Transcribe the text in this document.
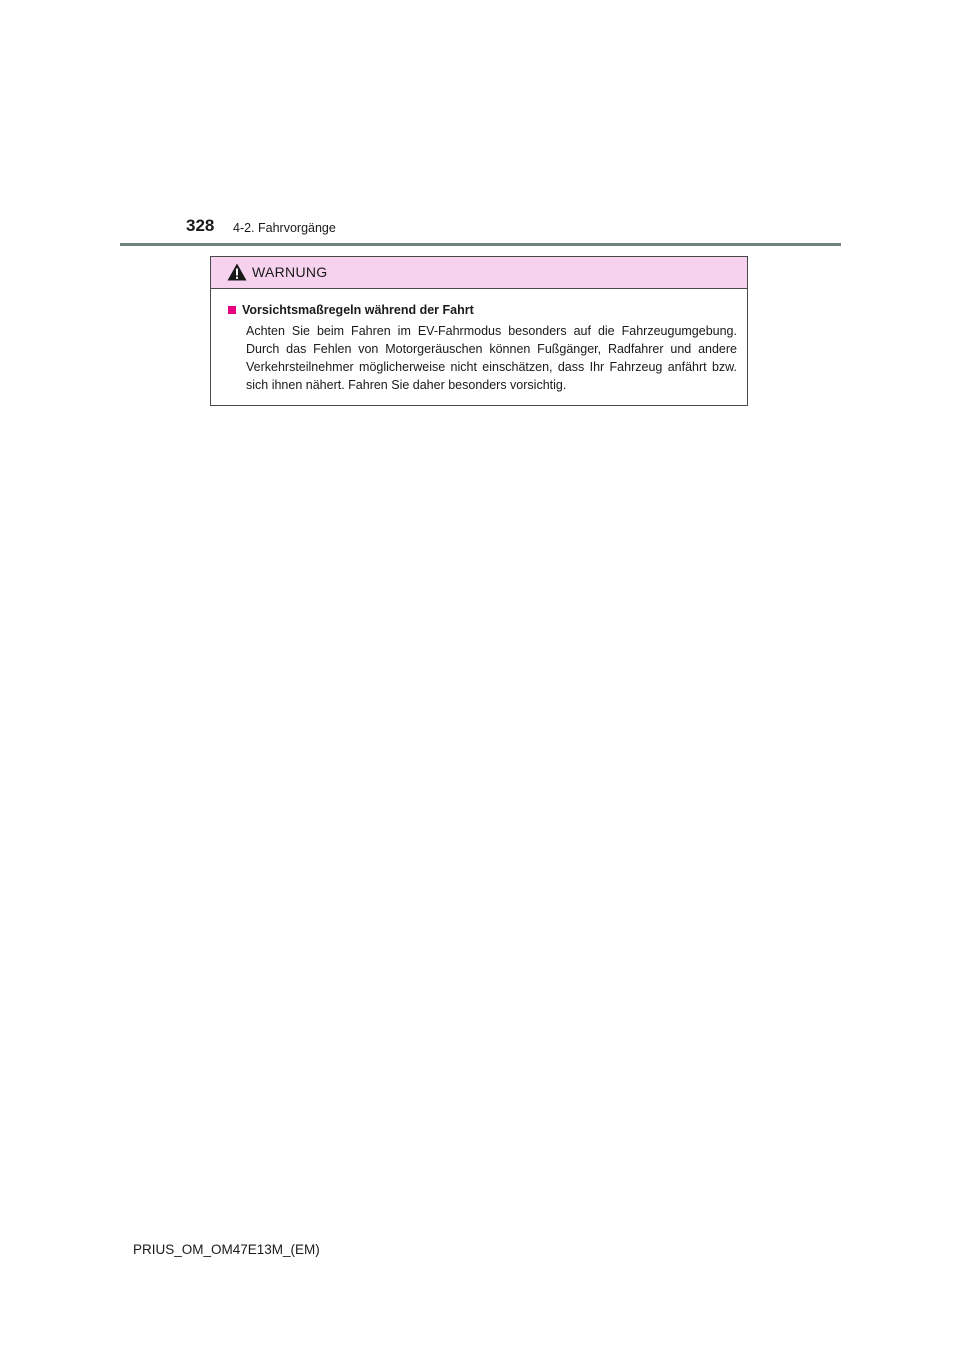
328 4-2. Fahrvorgänge
WARNUNG
Vorsichtsmaßregeln während der Fahrt

Achten Sie beim Fahren im EV-Fahrmodus besonders auf die Fahrzeugumgebung. Durch das Fehlen von Motorgeräuschen können Fußgänger, Radfahrer und andere Verkehrsteilnehmer möglicherweise nicht einschätzen, dass Ihr Fahrzeug anfährt bzw. sich ihnen nähert. Fahren Sie daher besonders vorsichtig.

PRIUS_OM_OM47E13M_(EM)
